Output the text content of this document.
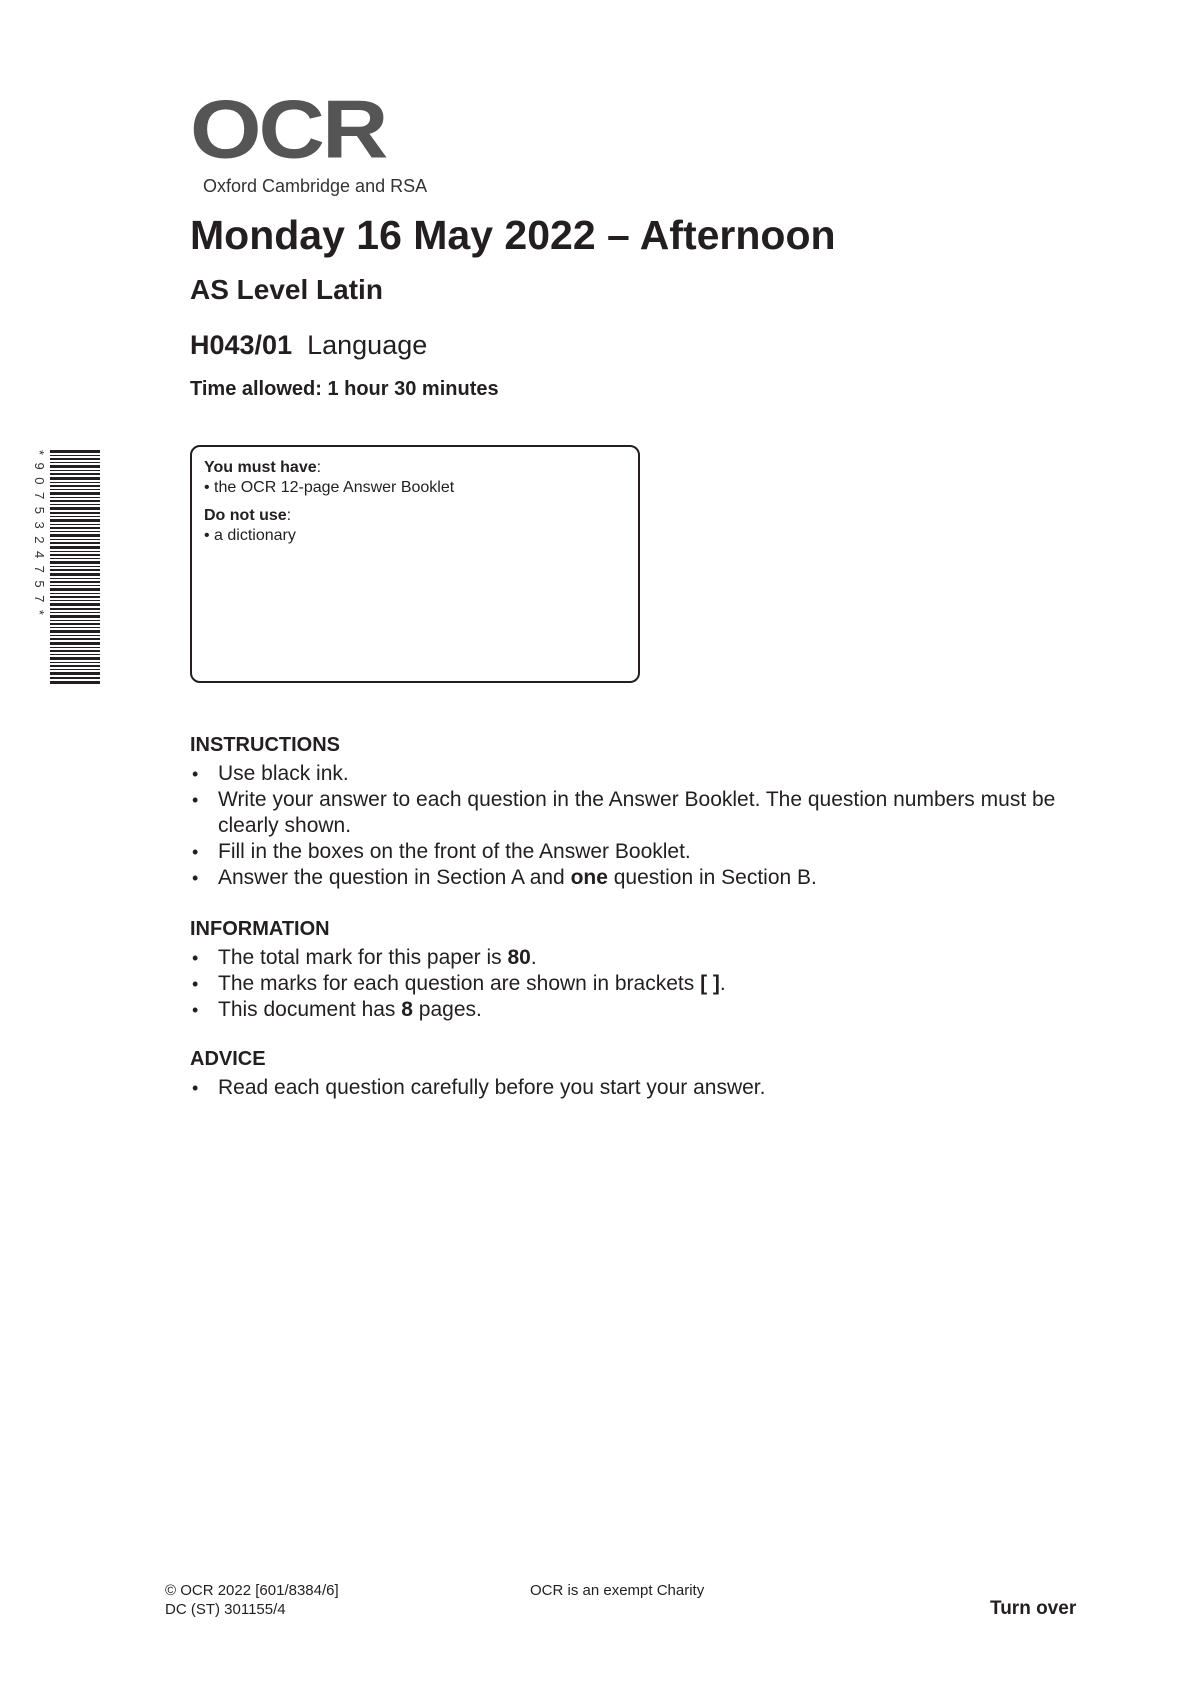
OCR
Oxford Cambridge and RSA
Monday 16 May 2022 – Afternoon
AS Level Latin
H043/01 Language
Time allowed: 1 hour 30 minutes
*9075324757*	You must have:

• the OCR 12-page Answer Booklet

Do not use:

• a dictionary

INSTRUCTIONS

• Use black ink.
• Write your answer to each question in the Answer Booklet. The question numbers must be clearly shown.
• Fill in the boxes on the front of the Answer Booklet.
• Answer the question in Section A and one question in Section B.

INFORMATION

• The total mark for this paper is 80.
• The marks for each question are shown in brackets [ ].
• This document has 8 pages.

ADVICE

• Read each question carefully before you start your answer.
© OCR 2022 [601/8384/6]
DC (ST) 301155/4
OCR is an exempt Charity
Turn over
